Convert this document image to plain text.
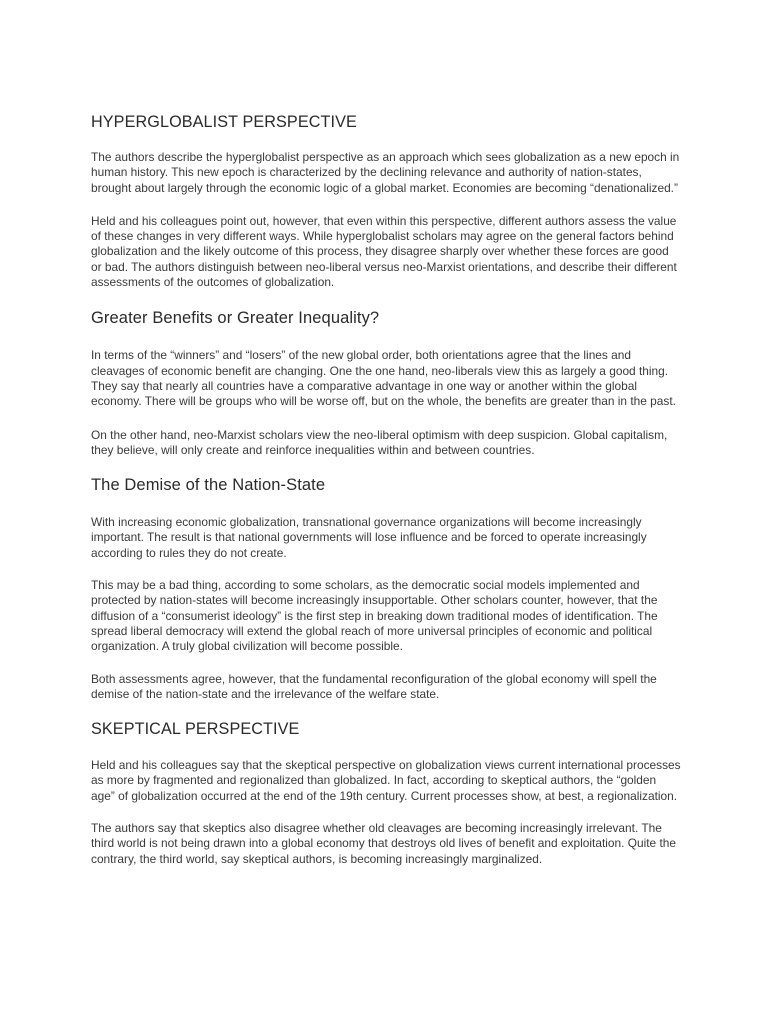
HYPERGLOBALIST PERSPECTIVE

The authors describe the hyperglobalist perspective as an approach which sees globalization as a new epoch in human history. This new epoch is characterized by the declining relevance and authority of nation-states, brought about largely through the economic logic of a global market. Economies are becoming “denationalized.”

Held and his colleagues point out, however, that even within this perspective, different authors assess the value of these changes in very different ways. While hyperglobalist scholars may agree on the general factors behind globalization and the likely outcome of this process, they disagree sharply over whether these forces are good or bad. The authors distinguish between neo-liberal versus neo-Marxist orientations, and describe their different assessments of the outcomes of globalization.

Greater Benefits or Greater Inequality?

In terms of the “winners” and “losers” of the new global order, both orientations agree that the lines and cleavages of economic benefit are changing. One the one hand, neo-liberals view this as largely a good thing. They say that nearly all countries have a comparative advantage in one way or another within the global economy. There will be groups who will be worse off, but on the whole, the benefits are greater than in the past.

On the other hand, neo-Marxist scholars view the neo-liberal optimism with deep suspicion. Global capitalism, they believe, will only create and reinforce inequalities within and between countries.

The Demise of the Nation-State

With increasing economic globalization, transnational governance organizations will become increasingly important. The result is that national governments will lose influence and be forced to operate increasingly according to rules they do not create.

This may be a bad thing, according to some scholars, as the democratic social models implemented and protected by nation-states will become increasingly insupportable. Other scholars counter, however, that the diffusion of a “consumerist ideology” is the first step in breaking down traditional modes of identification. The spread liberal democracy will extend the global reach of more universal principles of economic and political organization. A truly global civilization will become possible.

Both assessments agree, however, that the fundamental reconfiguration of the global economy will spell the demise of the nation-state and the irrelevance of the welfare state.

SKEPTICAL PERSPECTIVE

Held and his colleagues say that the skeptical perspective on globalization views current international processes as more by fragmented and regionalized than globalized. In fact, according to skeptical authors, the “golden age” of globalization occurred at the end of the 19th century. Current processes show, at best, a regionalization.

The authors say that skeptics also disagree whether old cleavages are becoming increasingly irrelevant. The third world is not being drawn into a global economy that destroys old lives of benefit and exploitation. Quite the contrary, the third world, say skeptical authors, is becoming increasingly marginalized.
